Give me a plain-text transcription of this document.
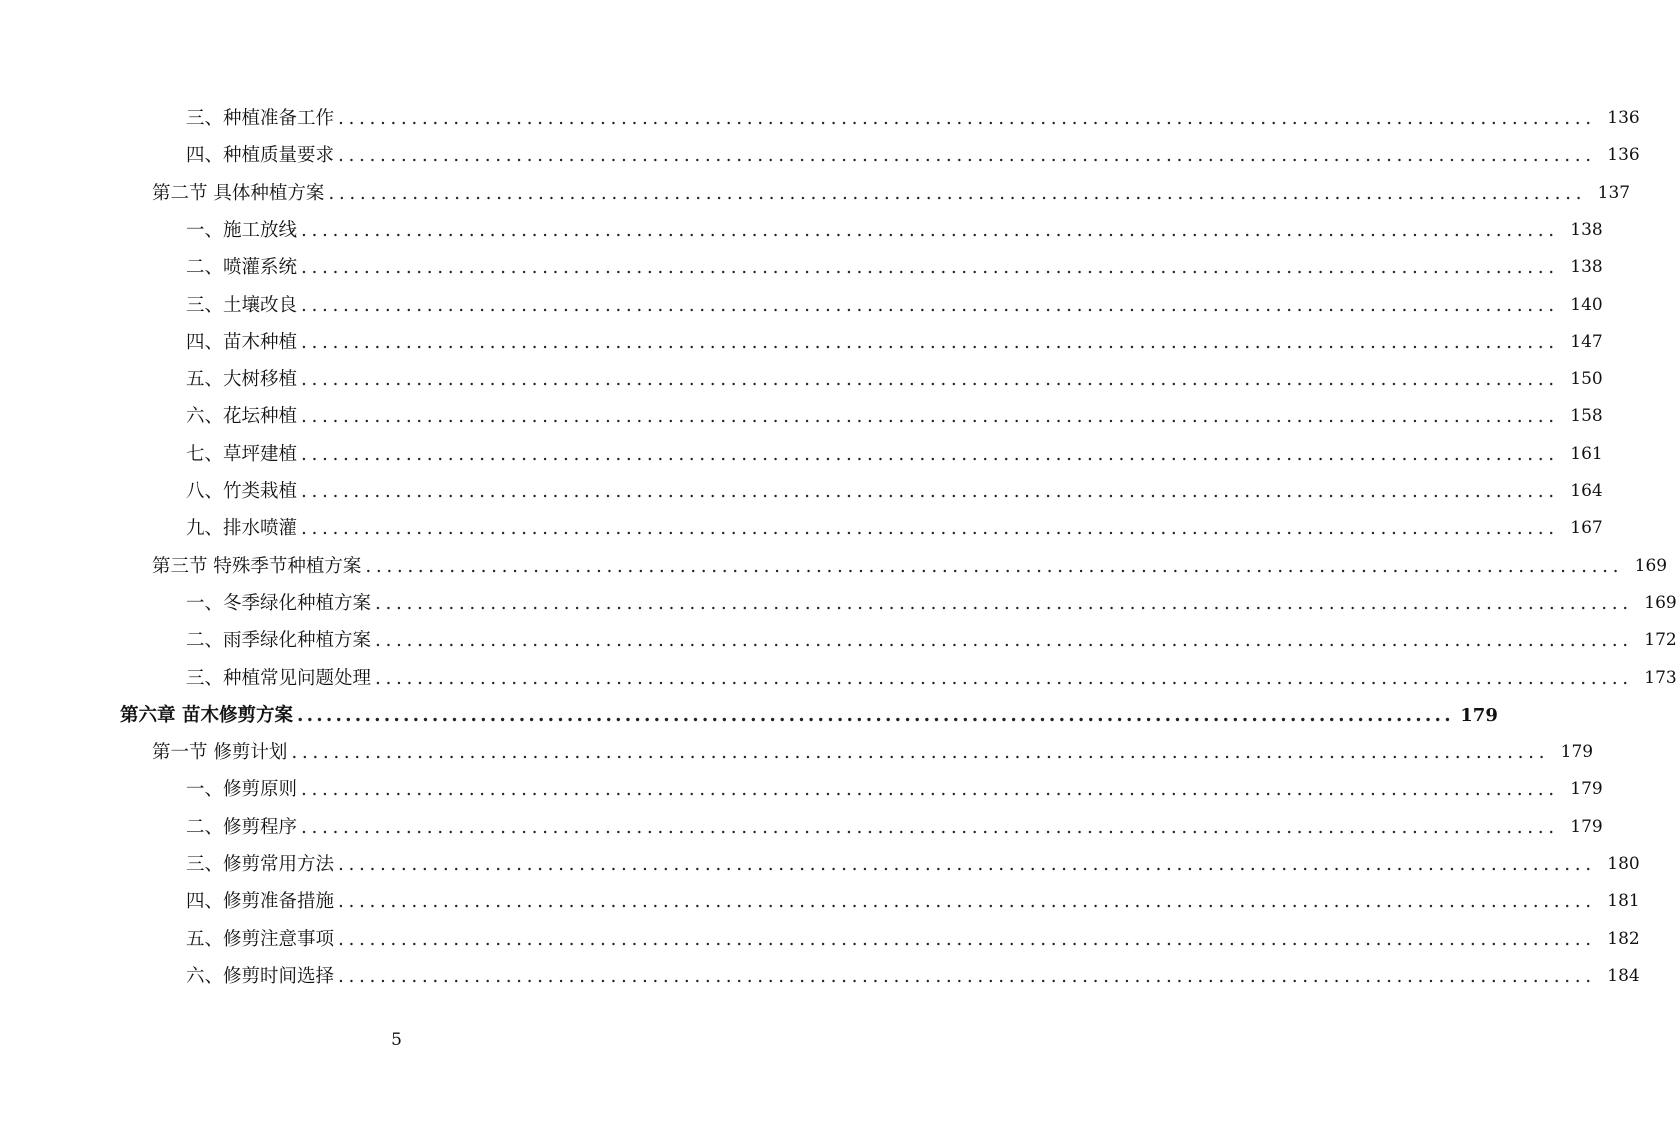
三、种植准备工作 ........................................................................................................................ 136
四、种植质量要求 ........................................................................................................................ 136
第二节 具体种植方案 ........................................................................................................................ 137
一、施工放线 ........................................................................................................................ 138
二、喷灌系统 ........................................................................................................................ 138
三、土壤改良 ........................................................................................................................ 140
四、苗木种植 ........................................................................................................................ 147
五、大树移植 ........................................................................................................................ 150
六、花坛种植 ........................................................................................................................ 158
七、草坪建植 ........................................................................................................................ 161
八、竹类栽植 ........................................................................................................................ 164
九、排水喷灌 ........................................................................................................................ 167
第三节 特殊季节种植方案 ........................................................................................................................ 169
一、冬季绿化种植方案 ........................................................................................................................ 169
二、雨季绿化种植方案 ........................................................................................................................ 172
三、种植常见问题处理 ........................................................................................................................ 173
第六章 苗木修剪方案 ........................................................................................................................ 179
第一节 修剪计划 ........................................................................................................................ 179
一、修剪原则 ........................................................................................................................ 179
二、修剪程序 ........................................................................................................................ 179
三、修剪常用方法 ........................................................................................................................ 180
四、修剪准备措施 ........................................................................................................................ 181
五、修剪注意事项 ........................................................................................................................ 182
六、修剪时间选择 ........................................................................................................................ 184
5
